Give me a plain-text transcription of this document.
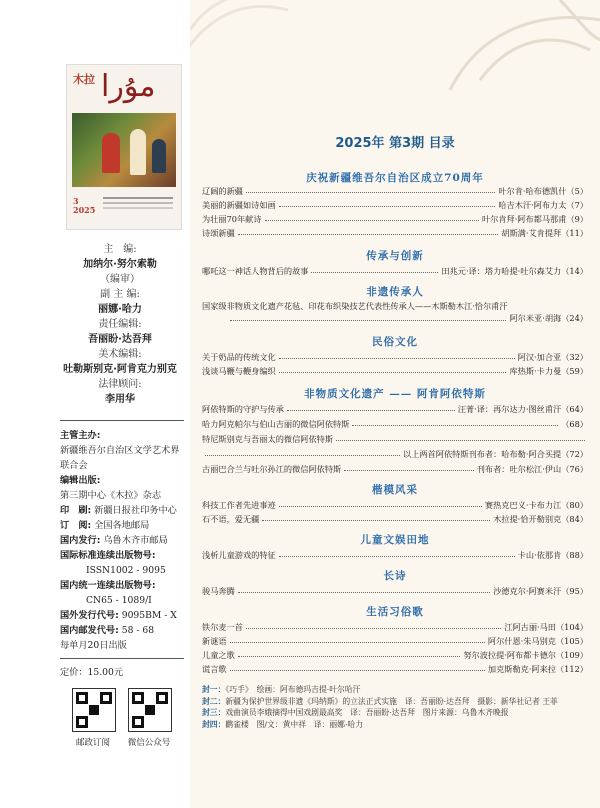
木拉 مۇرا
3
2025
主　编:
加纳尔·努尔索勒
（编审）
副 主 编:
丽娜·哈力
责任编辑:
吾丽盼·达吾拜
美术编辑:
吐勒斯别克·阿肯克力别克
法律顾问:
李用华
主管主办:
新疆维吾尔自治区文学艺术界联合会
编辑出版:
第三期中心《木拉》杂志
印　刷: 新疆日报社印务中心
订　阅: 全国各地邮局
国内发行: 乌鲁木齐市邮局
国际标准连续出版物号:
ISSN1002 - 9095
国内统一连续出版物号:
CN65 - 1089/I
国外发行代号: 9095BM - X
国内邮发代号: 58 - 68
每单月20日出版
定价：15.00元
邮政订阅	微信公众号
2025年 第3期 目录
庆祝新疆维吾尔自治区成立70周年
辽阔的新疆	叶尔肯·哈布德凯什（5）
美丽的新疆如诗如画	哈吉木汗·阿布力太（7）
为壮丽70年献诗	叶尔肯拜·阿布都马那甫（9）
诗颂新疆	胡斯满·艾肯提拜（11）
传承与创新
哪吒这一神话人物背后的故事	田兆元·译：塔力哈提·吐尔森艾力（14）
非遗传承人
国家级非物质文化遗产花毡、印花布织染技艺代表性传承人——木斯勒木江·恰尔甫汗
阿尔米亚·胡海（24）
民俗文化
关于奶品的传统文化	阿汉·加合亚（32）
浅谈马鞭与鞭身编织	库热斯·卡力曼（59）
非物质文化遗产 —— 阿肯阿依特斯
阿依特斯的守护与传承	汪菁·译：再尔达力·图丝甫汗（64）
哈力阿克帕尔与伯山吉丽的微信阿依特斯	（68）
特尼斯别克与吾丽太的微信阿依特斯
以上两首阿依特斯刊布者：哈布勒·阿合买提（72）
古丽巴合兰与吐尔孙江的微信阿依特斯	刊布者：吐尔松江·伊山（76）
楷模风采
科技工作者先进事迹	赛热克巴义·卡布力江（80）
石不语，爱无疆	木拉提·恰开勒别克（84）
儿童文娱田地
浅析儿童游戏的特征	卡山·依那肯（88）
长诗
骏马奔腾	沙德克尔·阿赛米汗（95）
生活习俗歌
铁尔麦一首	江阿古丽·马田（104）
新谜语	阿尔什恩·朱马别克（105）
儿童之歌	努尔波拉提·阿布都卡德尔（109）
谎言歌	加克斯勒克·阿来拉（112）
封一：《巧手》　绘画：阿布德玛吉提·叶尔哈汗
封二：新疆为保护世界级非遗《玛纳斯》的立法正式实施　译：吾丽盼·达吾拜　摄影：新华社记者 王菲
封三：戏曲演员李娥摘得中国戏剧最高奖　译：吾丽盼·达吾拜　图片来源：乌鲁木齐晚报
封四：鹳雀楼　图/文：黄中祥　译：丽娜·哈力
